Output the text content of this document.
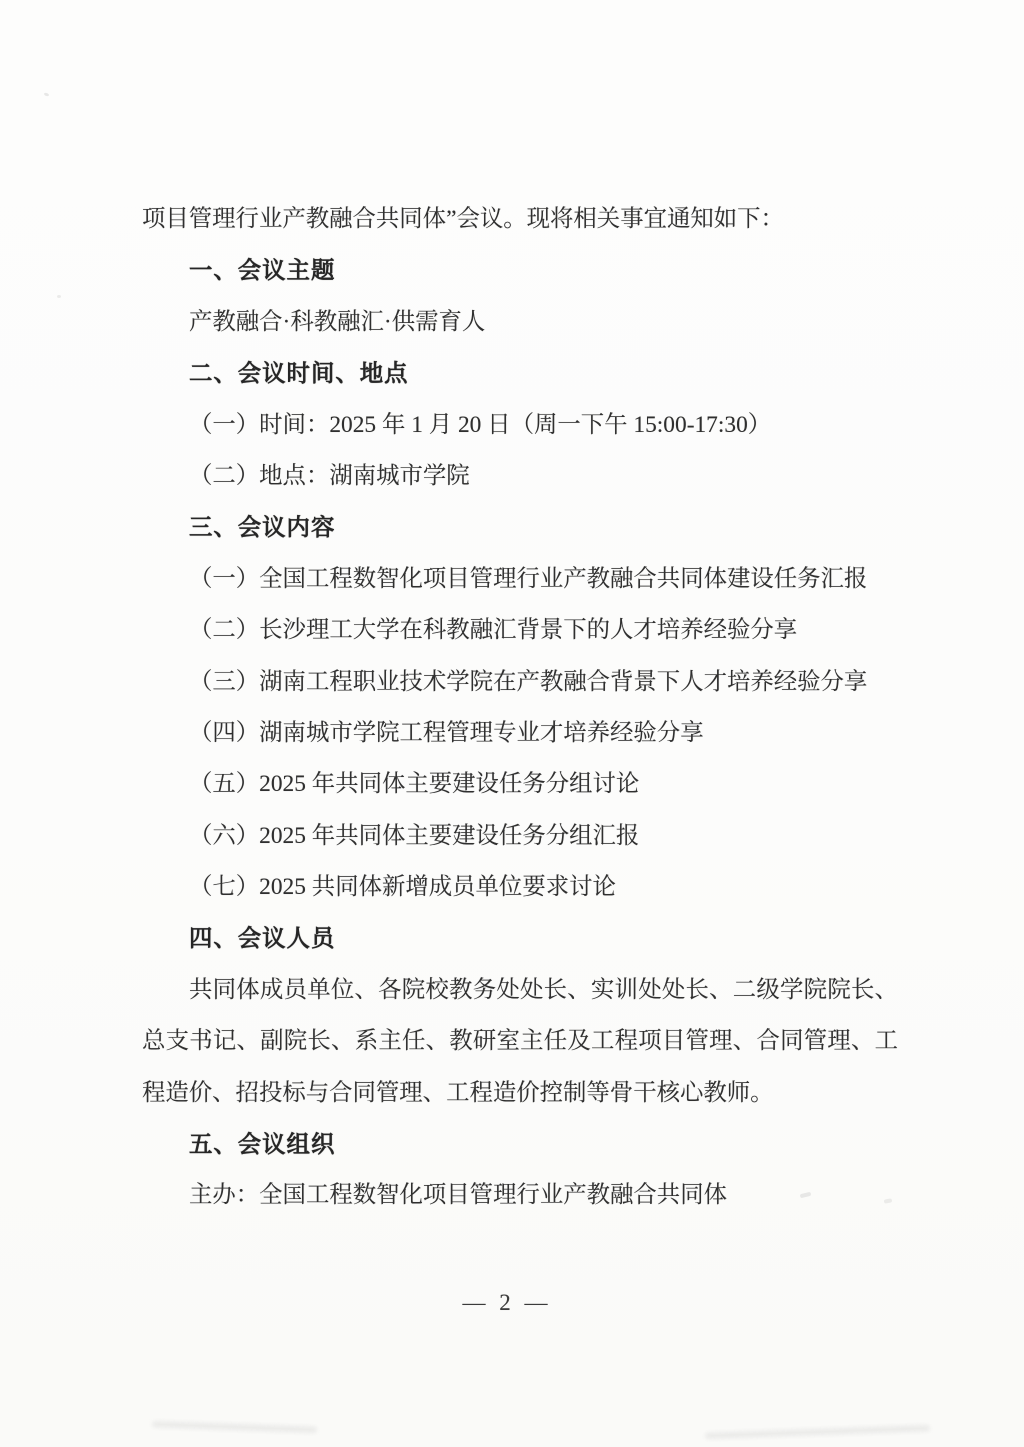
项目管理行业产教融合共同体”会议。现将相关事宜通知如下：

一、会议主题

产教融合·科教融汇·供需育人

二、会议时间、地点

（一）时间：2025 年 1 月 20 日（周一下午 15:00-17:30）

（二）地点：湖南城市学院

三、会议内容

（一）全国工程数智化项目管理行业产教融合共同体建设任务汇报

（二）长沙理工大学在科教融汇背景下的人才培养经验分享

（三）湖南工程职业技术学院在产教融合背景下人才培养经验分享

（四）湖南城市学院工程管理专业才培养经验分享

（五）2025 年共同体主要建设任务分组讨论

（六）2025 年共同体主要建设任务分组汇报

（七）2025 共同体新增成员单位要求讨论

四、会议人员

共同体成员单位、各院校教务处处长、实训处处长、二级学院院长、

总支书记、副院长、系主任、教研室主任及工程项目管理、合同管理、工

程造价、招投标与合同管理、工程造价控制等骨干核心教师。

五、会议组织

主办：全国工程数智化项目管理行业产教融合共同体

— 2 —
